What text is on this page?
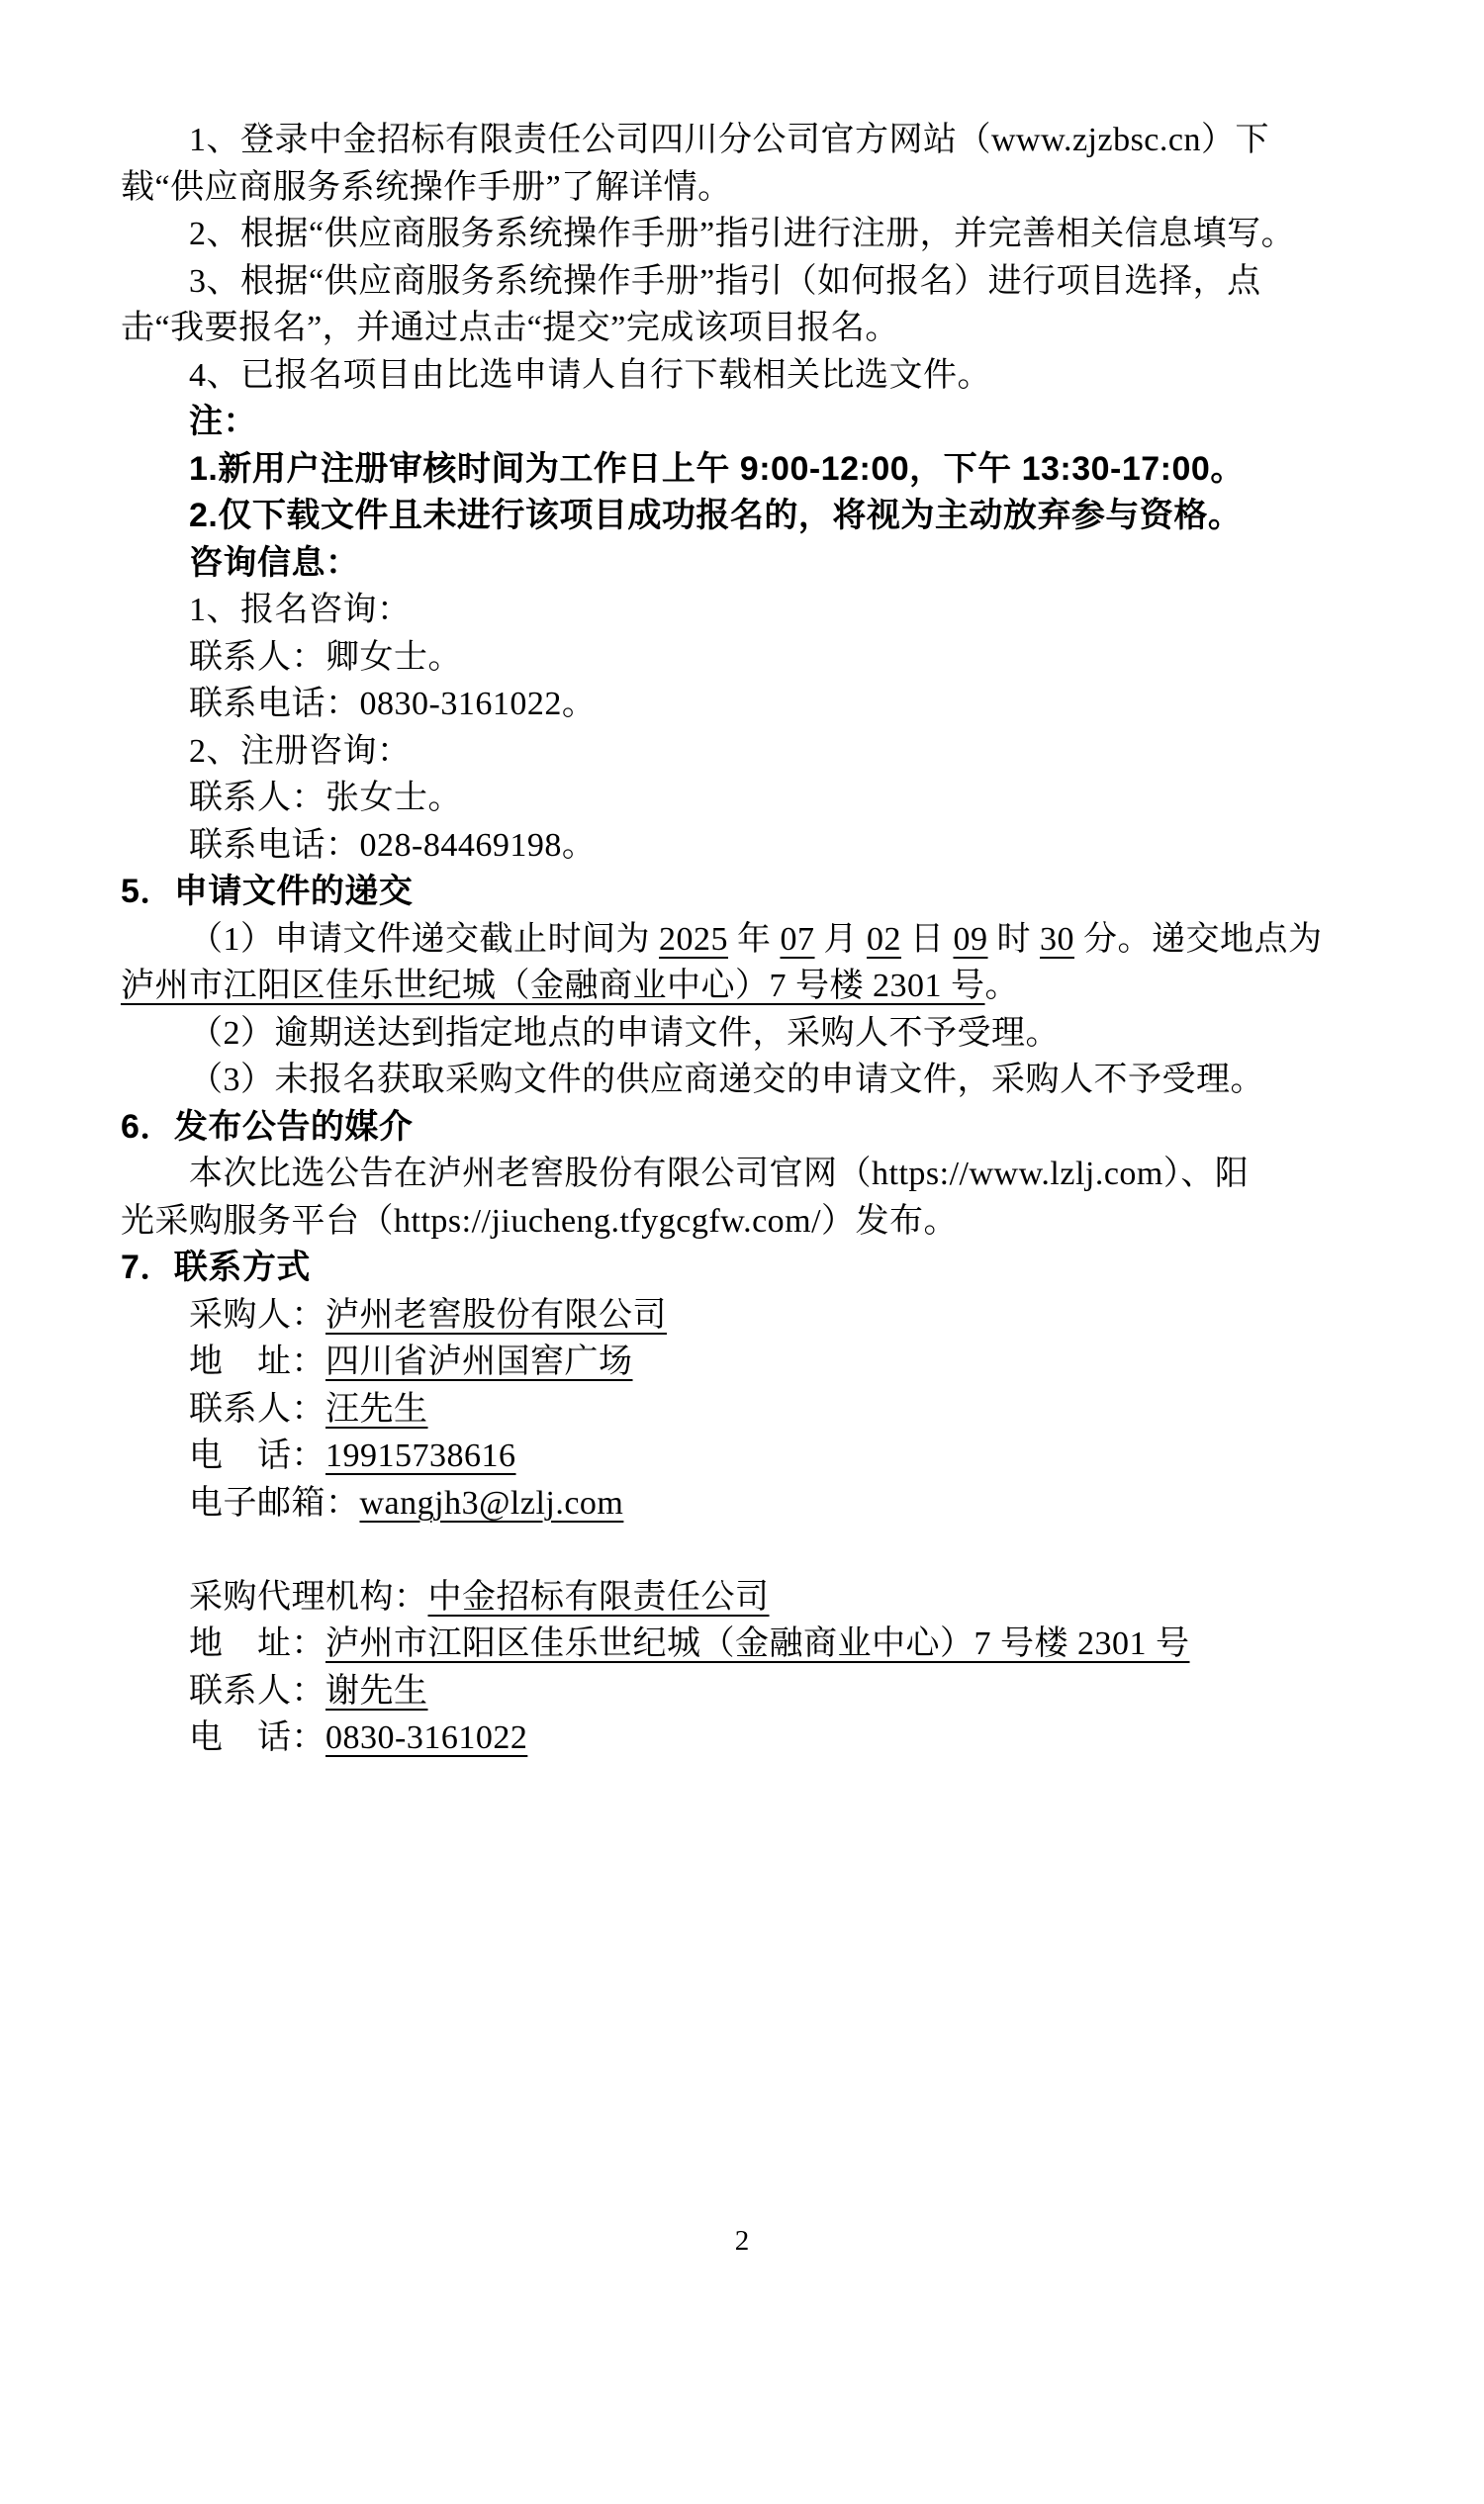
1、登录中金招标有限责任公司四川分公司官方网站（www.zjzbsc.cn）下
载“供应商服务系统操作手册”了解详情。
2、根据“供应商服务系统操作手册”指引进行注册，并完善相关信息填写。
3、根据“供应商服务系统操作手册”指引（如何报名）进行项目选择，点
击“我要报名”，并通过点击“提交”完成该项目报名。
4、已报名项目由比选申请人自行下载相关比选文件。
注：
1.新用户注册审核时间为工作日上午 9:00-12:00，下午 13:30-17:00。
2.仅下载文件且未进行该项目成功报名的，将视为主动放弃参与资格。
咨询信息：
1、报名咨询：
联系人：卿女士。
联系电话：0830-3161022。
2、注册咨询：
联系人：张女士。
联系电话：028-84469198。
5．申请文件的递交
（1）申请文件递交截止时间为 2025 年 07 月 02 日 09 时 30 分。递交地点为
泸州市江阳区佳乐世纪城（金融商业中心）7 号楼 2301 号。
（2）逾期送达到指定地点的申请文件，采购人不予受理。
（3）未报名获取采购文件的供应商递交的申请文件，采购人不予受理。
6．发布公告的媒介
本次比选公告在泸州老窖股份有限公司官网（https://www.lzlj.com）、阳
光采购服务平台（https://jiucheng.tfygcgfw.com/）发布。
7．联系方式
采购人：泸州老窖股份有限公司
地　址：四川省泸州国窖广场
联系人：汪先生
电　话：19915738616
电子邮箱：wangjh3@lzlj.com

采购代理机构：中金招标有限责任公司
地　址：泸州市江阳区佳乐世纪城（金融商业中心）7 号楼 2301 号
联系人：谢先生
电　话：0830-3161022
2
